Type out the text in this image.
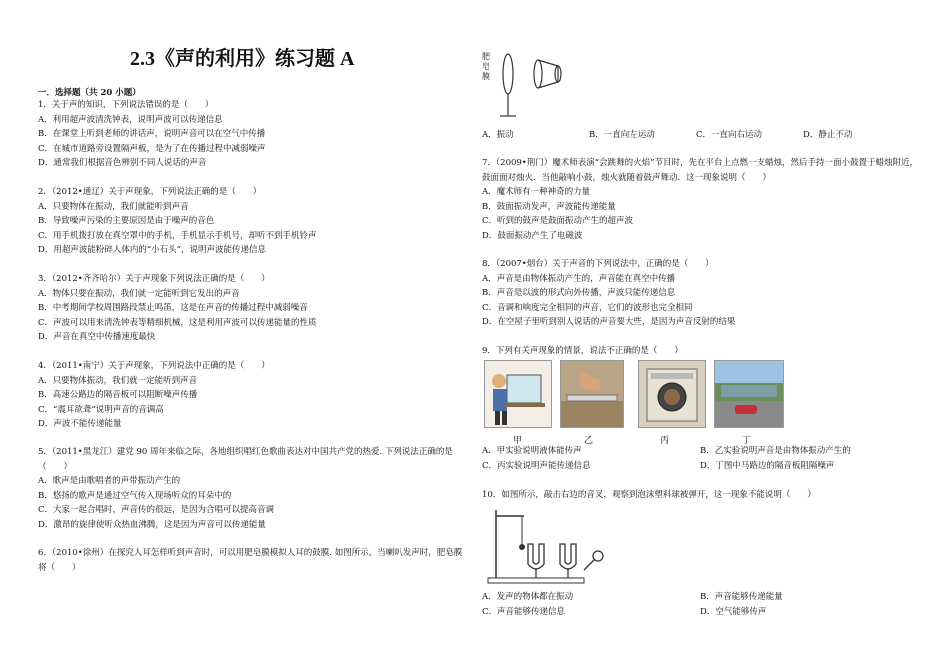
2.3《声的利用》练习题 A
一．选择题（共 20 小题）
1．关于声的知识，下列说法错误的是（　　）
A．利用超声波清洗钟表，说明声波可以传递信息
B．在课堂上听到老师的讲话声，说明声音可以在空气中传播
C．在城市道路旁设置隔声板，是为了在传播过程中减弱噪声
D．通常我们根据音色辨别不同人说话的声音
2．（2012•通辽）关于声现象，下列说法正确的是（　　）
A．只要物体在振动，我们就能听到声音
B．导致噪声污染的主要原因是由于噪声的音色
C．用手机拨打放在真空罩中的手机，手机显示手机号，却听不到手机铃声
D．用超声波能粉碎人体内的“小石头”，说明声波能传递信息
3．（2012•齐齐哈尔）关于声现象下列说法正确的是（　　）
A．物体只要在振动，我们就一定能听到它发出的声音
B．中考期间学校周围路段禁止鸣笛，这是在声音的传播过程中减弱噪音
C．声波可以用来清洗钟表等精细机械，这是利用声波可以传递能量的性质
D．声音在真空中传播速度最快
4．（2011•南宁）关于声现象，下列说法中正确的是（　　）
A．只要物体振动，我们就一定能听到声音
B．高速公路边的隔音板可以阻断噪声传播
C．“震耳欲聋”说明声音的音调高
D．声波不能传递能量
5．（2011•黑龙江）建党 90 周年来临之际，各地组织唱红色歌曲表达对中国共产党的热爱. 下列说法正确的是（　　）
A．歌声是由歌唱者的声带振动产生的
B．悠扬的歌声是通过空气传入现场听众的耳朵中的
C．大家一起合唱时，声音传的很远，是因为合唱可以提高音调
D．激昂的旋律使听众热血沸腾，这是因为声音可以传递能量
6．（2010•徐州）在探究人耳怎样听到声音时，可以用肥皂膜模拟人耳的鼓膜. 如图所示，当喇叭发声时，肥皂膜将（　　）
肥皂膜
A．振动	B．一直向左运动	C．一直向右运动	D．静止不动
7．（2009•荆门）魔术师表演“会跳舞的火焰”节目时，先在平台上点燃一支蜡烛，然后手持一面小鼓置于蜡烛附近，鼓面面对烛火．当他敲响小鼓，烛火就随着鼓声舞动．这一现象说明（　　）
A．魔术师有一种神奇的力量
B．鼓面振动发声，声波能传递能量
C．听到的鼓声是鼓面振动产生的超声波
D．鼓面振动产生了电磁波
8．（2007•烟台）关于声音的下列说法中，正确的是（　　）
A．声音是由物体振动产生的，声音能在真空中传播
B．声音是以波的形式向外传播，声波只能传递信息
C．音调和响度完全相同的声音，它们的波形也完全相同
D．在空屋子里听到别人说话的声音要大些，是因为声音反射的结果
9．下列有关声现象的情景，说法不正确的是（　　）
甲	乙	丙	丁
A．甲实验说明液体能传声	B．乙实验说明声音是由物体振动产生的
C．丙实验说明声能传递信息	D．丁图中马路边的隔音板阻隔噪声
10．如图所示，敲击右边的音叉，观察到泡沫塑料球被弹开，这一现象不能说明（　　）
A．发声的物体都在振动	B．声音能够传递能量
C．声音能够传递信息	D．空气能够传声
